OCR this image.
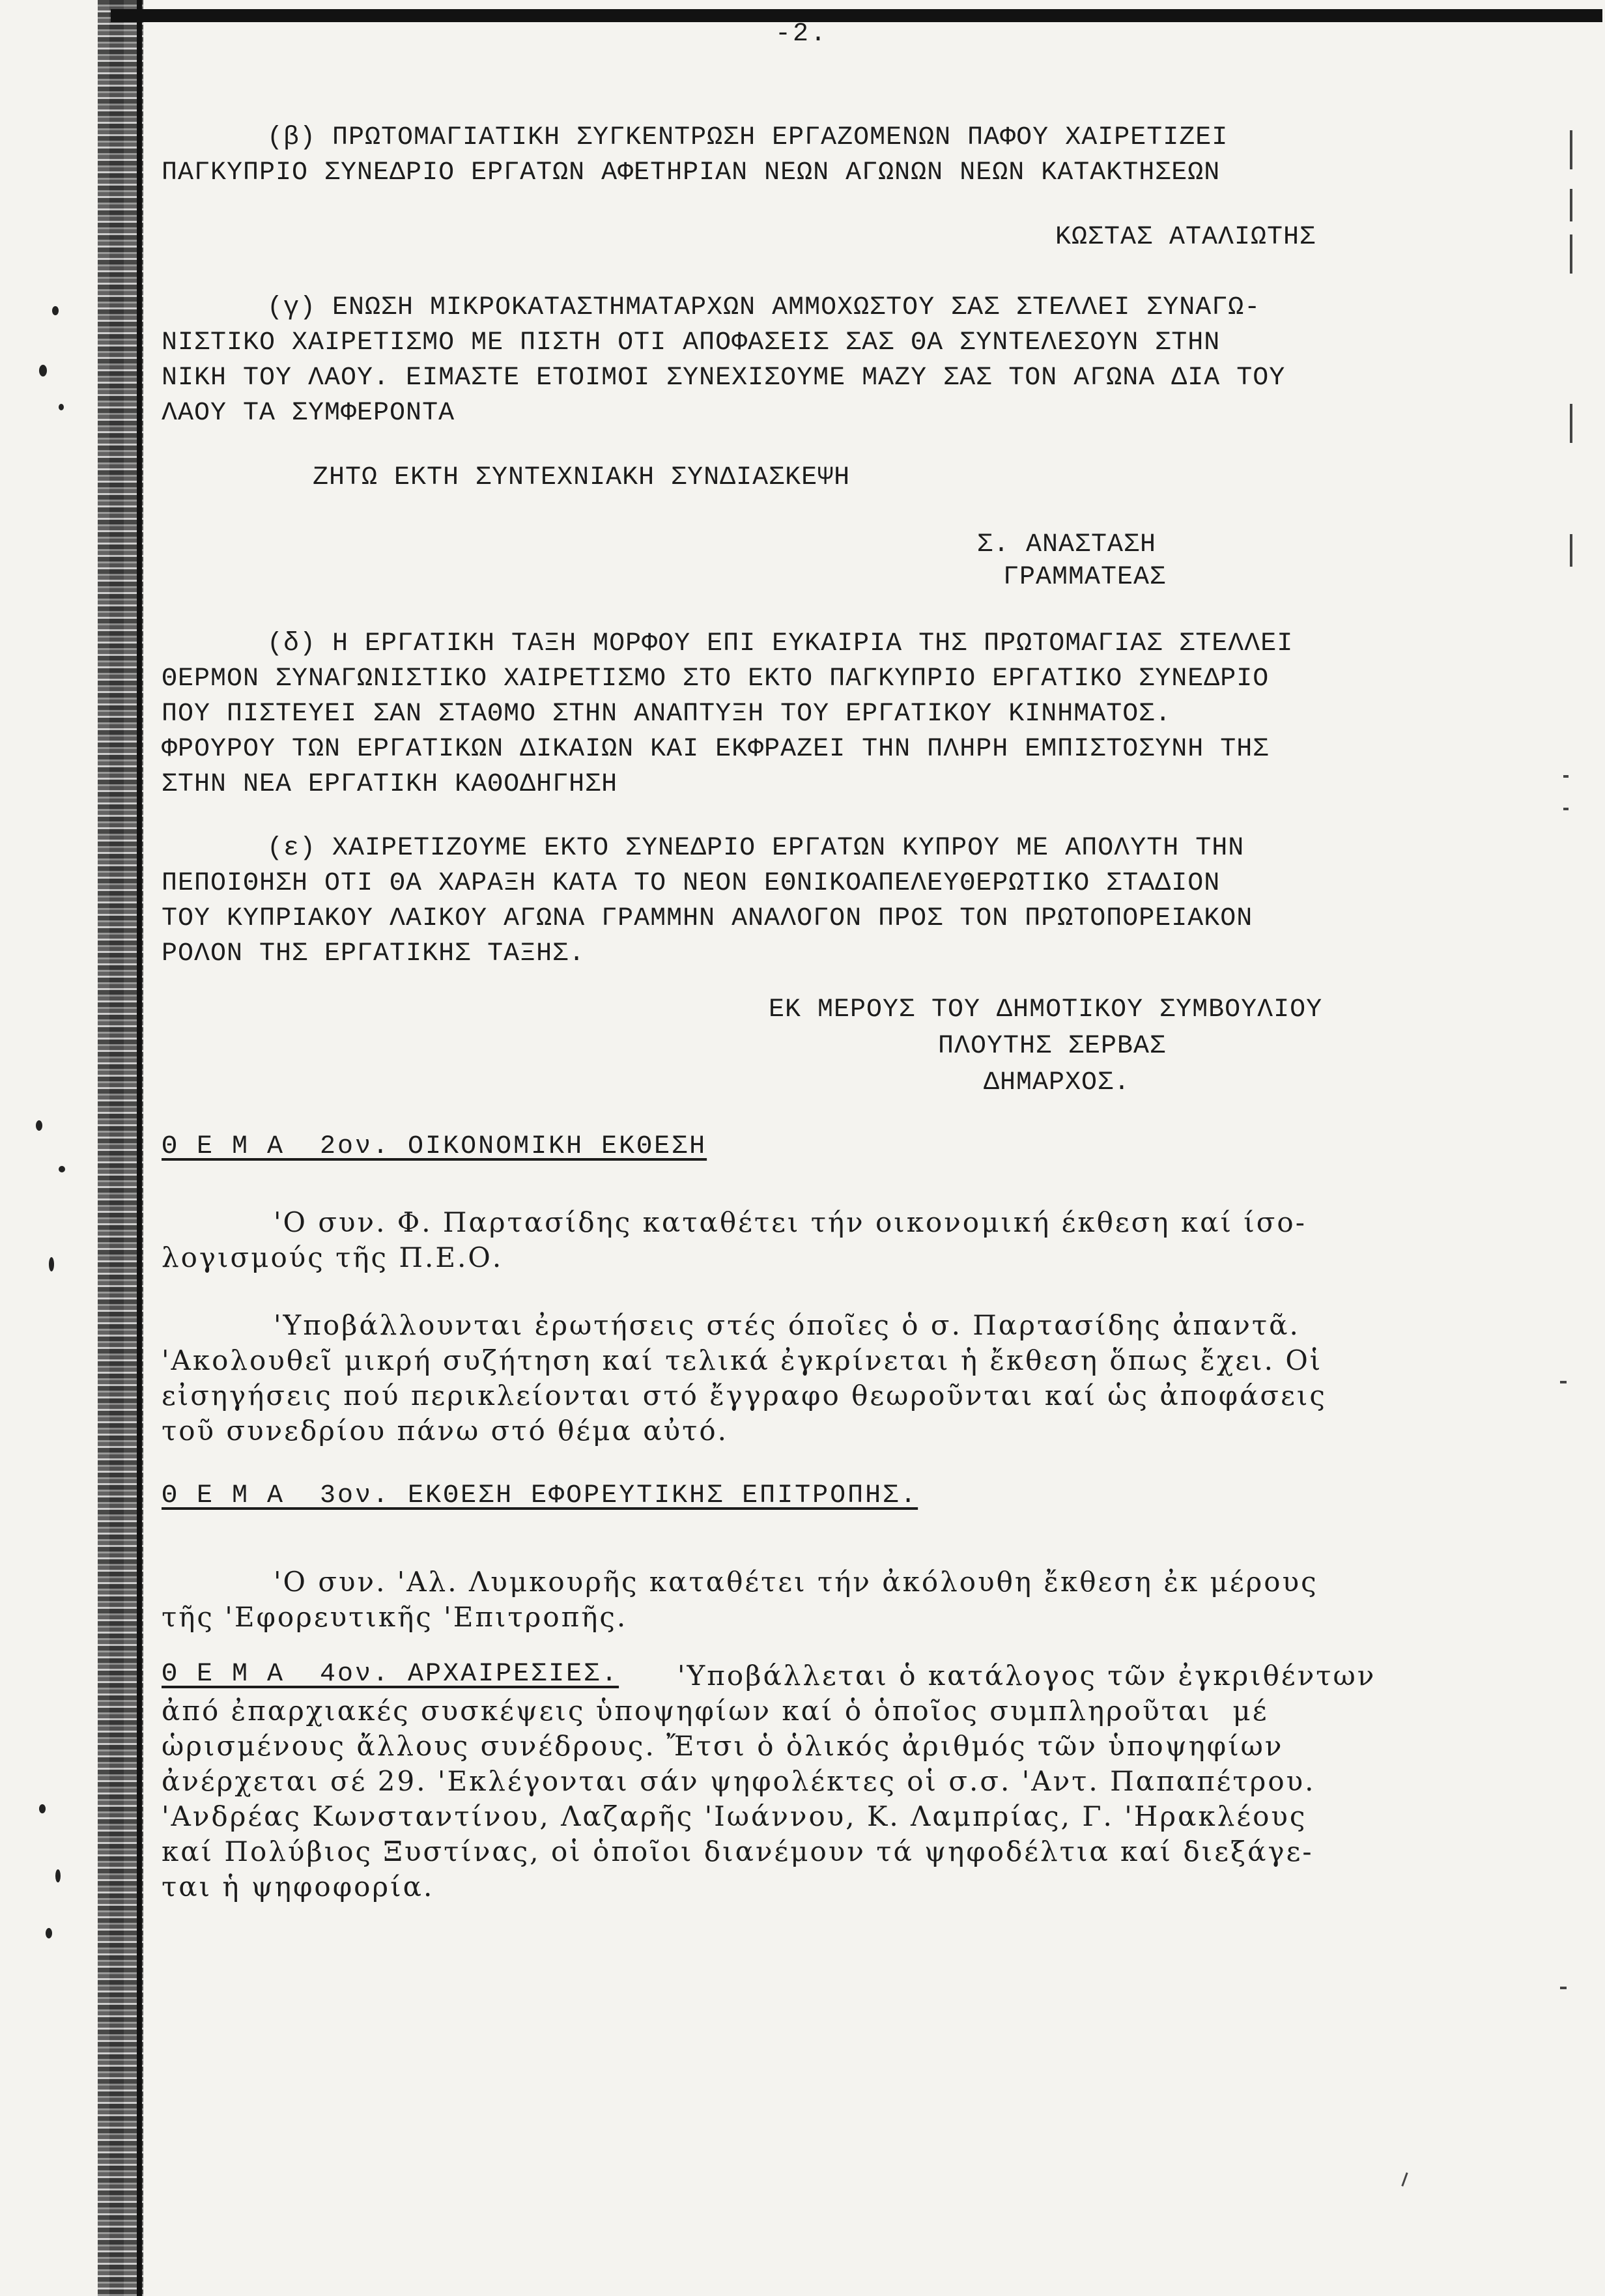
-2.
(β) ΠΡΩΤΟΜΑΓΙΑΤΙΚΗ ΣΥΓΚΕΝΤΡΩΣΗ ΕΡΓΑΖΟΜΕΝΩΝ ΠΑΦΟΥ ΧΑΙΡΕΤΙΖΕΙ
ΠΑΓΚΥΠΡΙΟ ΣΥΝΕΔΡΙΟ ΕΡΓΑΤΩΝ ΑΦΕΤΗΡΙΑΝ ΝΕΩΝ ΑΓΩΝΩΝ ΝΕΩΝ ΚΑΤΑΚΤΗΣΕΩΝ
ΚΩΣΤΑΣ ΑΤΑΛΙΩΤΗΣ
(γ) ΕΝΩΣΗ ΜΙΚΡΟΚΑΤΑΣΤΗΜΑΤΑΡΧΩΝ ΑΜΜΟΧΩΣΤΟΥ ΣΑΣ ΣΤΕΛΛΕΙ ΣΥΝΑΓΩ-
ΝΙΣΤΙΚΟ ΧΑΙΡΕΤΙΣΜΟ ΜΕ ΠΙΣΤΗ ΟΤΙ ΑΠΟΦΑΣΕΙΣ ΣΑΣ ΘΑ ΣΥΝΤΕΛΕΣΟΥΝ ΣΤΗΝ
ΝΙΚΗ ΤΟΥ ΛΑΟΥ. ΕΙΜΑΣΤΕ ΕΤΟΙΜΟΙ ΣΥΝΕΧΙΣΟΥΜΕ ΜΑΖΥ ΣΑΣ ΤΟΝ ΑΓΩΝΑ ΔΙΑ ΤΟΥ
ΛΑΟΥ ΤΑ ΣΥΜΦΕΡΟΝΤΑ
ΖΗΤΩ ΕΚΤΗ ΣΥΝΤΕΧΝΙΑΚΗ ΣΥΝΔΙΑΣΚΕΨΗ
Σ. ΑΝΑΣΤΑΣΗ
ΓΡΑΜΜΑΤΕΑΣ
(δ) Η ΕΡΓΑΤΙΚΗ ΤΑΞΗ ΜΟΡΦΟΥ ΕΠΙ ΕΥΚΑΙΡΙΑ ΤΗΣ ΠΡΩΤΟΜΑΓΙΑΣ ΣΤΕΛΛΕΙ
ΘΕΡΜΟΝ ΣΥΝΑΓΩΝΙΣΤΙΚΟ ΧΑΙΡΕΤΙΣΜΟ ΣΤΟ ΕΚΤΟ ΠΑΓΚΥΠΡΙΟ ΕΡΓΑΤΙΚΟ ΣΥΝΕΔΡΙΟ
ΠΟΥ ΠΙΣΤΕΥΕΙ ΣΑΝ ΣΤΑΘΜΟ ΣΤΗΝ ΑΝΑΠΤΥΞΗ ΤΟΥ ΕΡΓΑΤΙΚΟΥ ΚΙΝΗΜΑΤΟΣ.
ΦΡΟΥΡΟΥ ΤΩΝ ΕΡΓΑΤΙΚΩΝ ΔΙΚΑΙΩΝ ΚΑΙ ΕΚΦΡΑΖΕΙ ΤΗΝ ΠΛΗΡΗ ΕΜΠΙΣΤΟΣΥΝΗ ΤΗΣ
ΣΤΗΝ ΝΕΑ ΕΡΓΑΤΙΚΗ ΚΑΘΟΔΗΓΗΣΗ
(ε) ΧΑΙΡΕΤΙΖΟΥΜΕ ΕΚΤΟ ΣΥΝΕΔΡΙΟ ΕΡΓΑΤΩΝ ΚΥΠΡΟΥ ΜΕ ΑΠΟΛΥΤΗ ΤΗΝ
ΠΕΠΟΙΘΗΣΗ ΟΤΙ ΘΑ ΧΑΡΑΞΗ ΚΑΤΑ ΤΟ ΝΕΟΝ ΕΘΝΙΚΟΑΠΕΛΕΥΘΕΡΩΤΙΚΟ ΣΤΑΔΙΟΝ
ΤΟΥ ΚΥΠΡΙΑΚΟΥ ΛΑΙΚΟΥ ΑΓΩΝΑ ΓΡΑΜΜΗΝ ΑΝΑΛΟΓΟΝ ΠΡΟΣ ΤΟΝ ΠΡΩΤΟΠΟΡΕΙΑΚΟΝ
ΡΟΛΟΝ ΤΗΣ ΕΡΓΑΤΙΚΗΣ ΤΑΞΗΣ.
ΕΚ ΜΕΡΟΥΣ ΤΟΥ ΔΗΜΟΤΙΚΟΥ ΣΥΜΒΟΥΛΙΟΥ
ΠΛΟΥΤΗΣ ΣΕΡΒΑΣ
ΔΗΜΑΡΧΟΣ.
Θ Ε Μ Α  2ον. ΟΙΚΟΝΟΜΙΚΗ ΕΚΘΕΣΗ
'Ο συν. Φ. Παρτασίδης καταθέτει τήν οικονομική έκθεση καί ίσο-
λογισμούς τῆς Π.Ε.Ο.
'Υποβάλλουνται ἐρωτήσεις στές όποῖες ὁ σ. Παρτασίδης ἀπαντᾶ.
'Ακολουθεῖ μικρή συζήτηση καί τελικά ἐγκρίνεται ἡ ἔκθεση ὅπως ἔχει. Οἱ
εἰσηγήσεις πού περικλείονται στό ἔγγραφο θεωροῦνται καί ὡς ἀποφάσεις
τοῦ συνεδρίου πάνω στό θέμα αὐτό.
Θ Ε Μ Α  3ον. ΕΚΘΕΣΗ ΕΦΟΡΕΥΤΙΚΗΣ ΕΠΙΤΡΟΠΗΣ.
'Ο συν. 'Αλ. Λυμκουρῆς καταθέτει τήν ἀκόλουθη ἔκθεση ἐκ μέρους
τῆς 'Εφορευτικῆς 'Επιτροπῆς.
Θ Ε Μ Α  4ον. ΑΡΧΑΙΡΕΣΙΕΣ. 'Υποβάλλεται ὁ κατάλογος τῶν ἐγκριθέντων
ἀπό ἐπαρχιακές συσκέψεις ὑποψηφίων καί ὁ ὁποῖος συμπληροῦται  μέ
ὡρισμένους ἄλλους συνέδρους. Ἔτσι ὁ ὁλικός ἀριθμός τῶν ὑποψηφίων
ἀνέρχεται σέ 29. 'Εκλέγονται σάν ψηφολέκτες οἱ σ.σ. 'Αντ. Παπαπέτρου.
'Ανδρέας Κωνσταντίνου, Λαζαρῆς 'Ιωάννου, Κ. Λαμπρίας, Γ. 'Ηρακλέους
καί Πολύβιος Ξυστίνας, οἱ ὁποῖοι διανέμουν τά ψηφοδέλτια καί διεξάγε-
ται ἡ ψηφοφορία.
